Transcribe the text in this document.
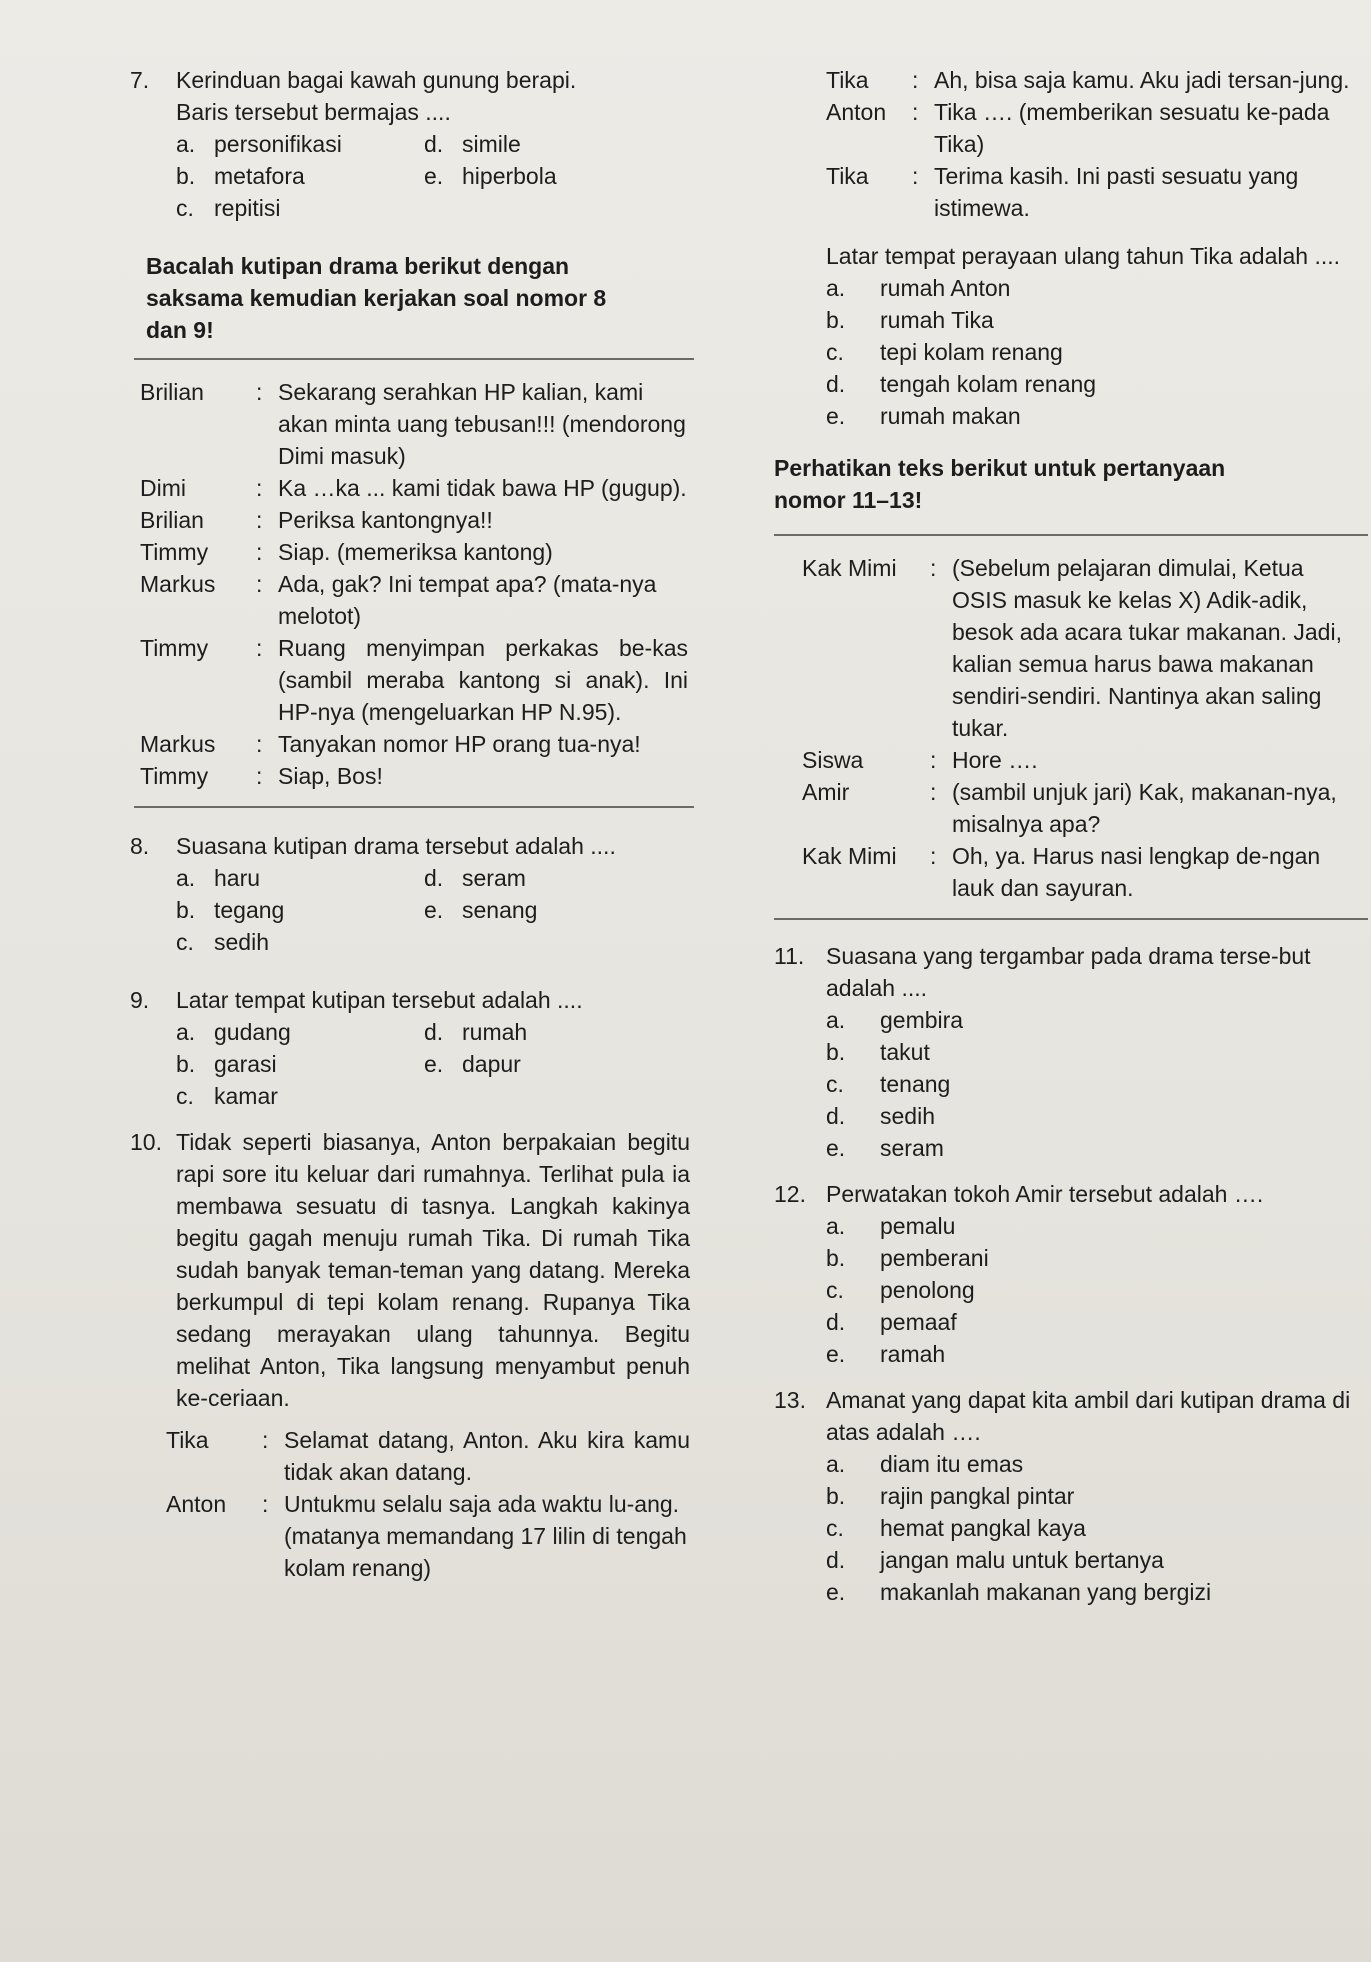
7.	Kerinduan bagai kawah gunung berapi.
Baris tersebut bermajas ....
a. personifikasi	d. simile
b. metafora	e. hiperbola
c. repitisi
Bacalah kutipan drama berikut dengan
saksama kemudian kerjakan soal nomor 8
dan 9!
Brilian	: Sekarang serahkan HP kalian, kami akan minta uang tebusan!!! (mendorong Dimi masuk)
Dimi	: Ka …ka ... kami tidak bawa HP (gugup).
Brilian	: Periksa kantongnya!!
Timmy	: Siap. (memeriksa kantong)
Markus	: Ada, gak? Ini tempat apa? (mata-nya melotot)
Timmy	: Ruang menyimpan perkakas be-kas (sambil meraba kantong si anak). Ini HP-nya (mengeluarkan HP N.95).
Markus	: Tanyakan nomor HP orang tua-nya!
Timmy	: Siap, Bos!
8.	Suasana kutipan drama tersebut adalah ....
a. haru	d. seram
b. tegang	e. senang
c. sedih
9.	Latar tempat kutipan tersebut adalah ....
a. gudang	d. rumah
b. garasi	e. dapur
c. kamar
10. Tidak seperti biasanya, Anton berpakaian begitu rapi sore itu keluar dari rumahnya. Terlihat pula ia membawa sesuatu di tasnya. Langkah kakinya begitu gagah menuju rumah Tika. Di rumah Tika sudah banyak teman-teman yang datang. Mereka berkumpul di tepi kolam renang. Rupanya Tika sedang merayakan ulang tahunnya. Begitu melihat Anton, Tika langsung menyambut penuh ke-ceriaan.
Tika	: Selamat datang, Anton. Aku kira kamu tidak akan datang.
Anton	: Untukmu selalu saja ada waktu lu-ang. (matanya memandang 17 lilin di tengah kolam renang)
Tika	: Ah, bisa saja kamu. Aku jadi tersan-jung.
Anton	: Tika …. (memberikan sesuatu ke-pada Tika)
Tika	: Terima kasih. Ini pasti sesuatu yang istimewa.
Latar tempat perayaan ulang tahun Tika adalah ....
a.	rumah Anton
b.	rumah Tika
c.	tepi kolam renang
d.	tengah kolam renang
e.	rumah makan
Perhatikan teks berikut untuk pertanyaan
nomor 11–13!
Kak Mimi	: (Sebelum pelajaran dimulai, Ketua OSIS masuk ke kelas X) Adik-adik, besok ada acara tukar makanan. Jadi, kalian semua harus bawa makanan sendiri-sendiri. Nantinya akan saling tukar.
Siswa	: Hore ….
Amir	: (sambil unjuk jari) Kak, makanan-nya, misalnya apa?
Kak Mimi	: Oh, ya. Harus nasi lengkap de-ngan lauk dan sayuran.
11. Suasana yang tergambar pada drama terse-but adalah ....
a.	gembira
b.	takut
c.	tenang
d.	sedih
e.	seram
12. Perwatakan tokoh Amir tersebut adalah ….
a.	pemalu
b.	pemberani
c.	penolong
d.	pemaaf
e.	ramah
13. Amanat yang dapat kita ambil dari kutipan drama di atas adalah ….
a.	diam itu emas
b.	rajin pangkal pintar
c.	hemat pangkal kaya
d.	jangan malu untuk bertanya
e.	makanlah makanan yang bergizi
